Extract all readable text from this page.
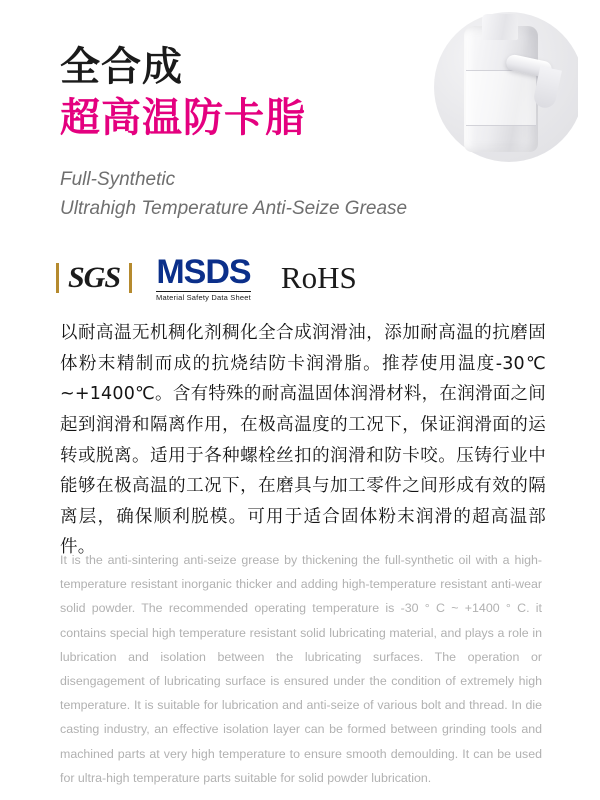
全合成
超高温防卡脂
Full-Synthetic
Ultrahigh Temperature Anti-Seize Grease
SGS MSDS
Material Safety Data Sheet
RoHS
以耐高温无机稠化剂稠化全合成润滑油，添加耐高温的抗磨固体粉末精制而成的抗烧结防卡润滑脂。推荐使用温度-30℃ ~+1400℃。含有特殊的耐高温固体润滑材料，在润滑面之间起到润滑和隔离作用，在极高温度的工况下，保证润滑面的运转或脱离。适用于各种螺栓丝扣的润滑和防卡咬。压铸行业中能够在极高温的工况下，在磨具与加工零件之间形成有效的隔离层，确保顺利脱模。可用于适合固体粉末润滑的超高温部件。
It is the anti-sintering anti-seize grease by thickening the full-synthetic oil with a high-temperature resistant inorganic thicker and adding high-temperature resistant anti-wear solid powder. The recommended operating temperature is -30 ° C ~ +1400 ° C. it contains special high temperature resistant solid lubricating material, and plays a role in lubrication and isolation between the lubricating surfaces. The operation or disengagement of lubricating surface is ensured under the condition of extremely high temperature. It is suitable for lubrication and anti-seize of various bolt and thread. In die casting industry, an effective isolation layer can be formed between grinding tools and machined parts at very high temperature to ensure smooth demoulding. It can be used for ultra-high temperature parts suitable for solid powder lubrication.
